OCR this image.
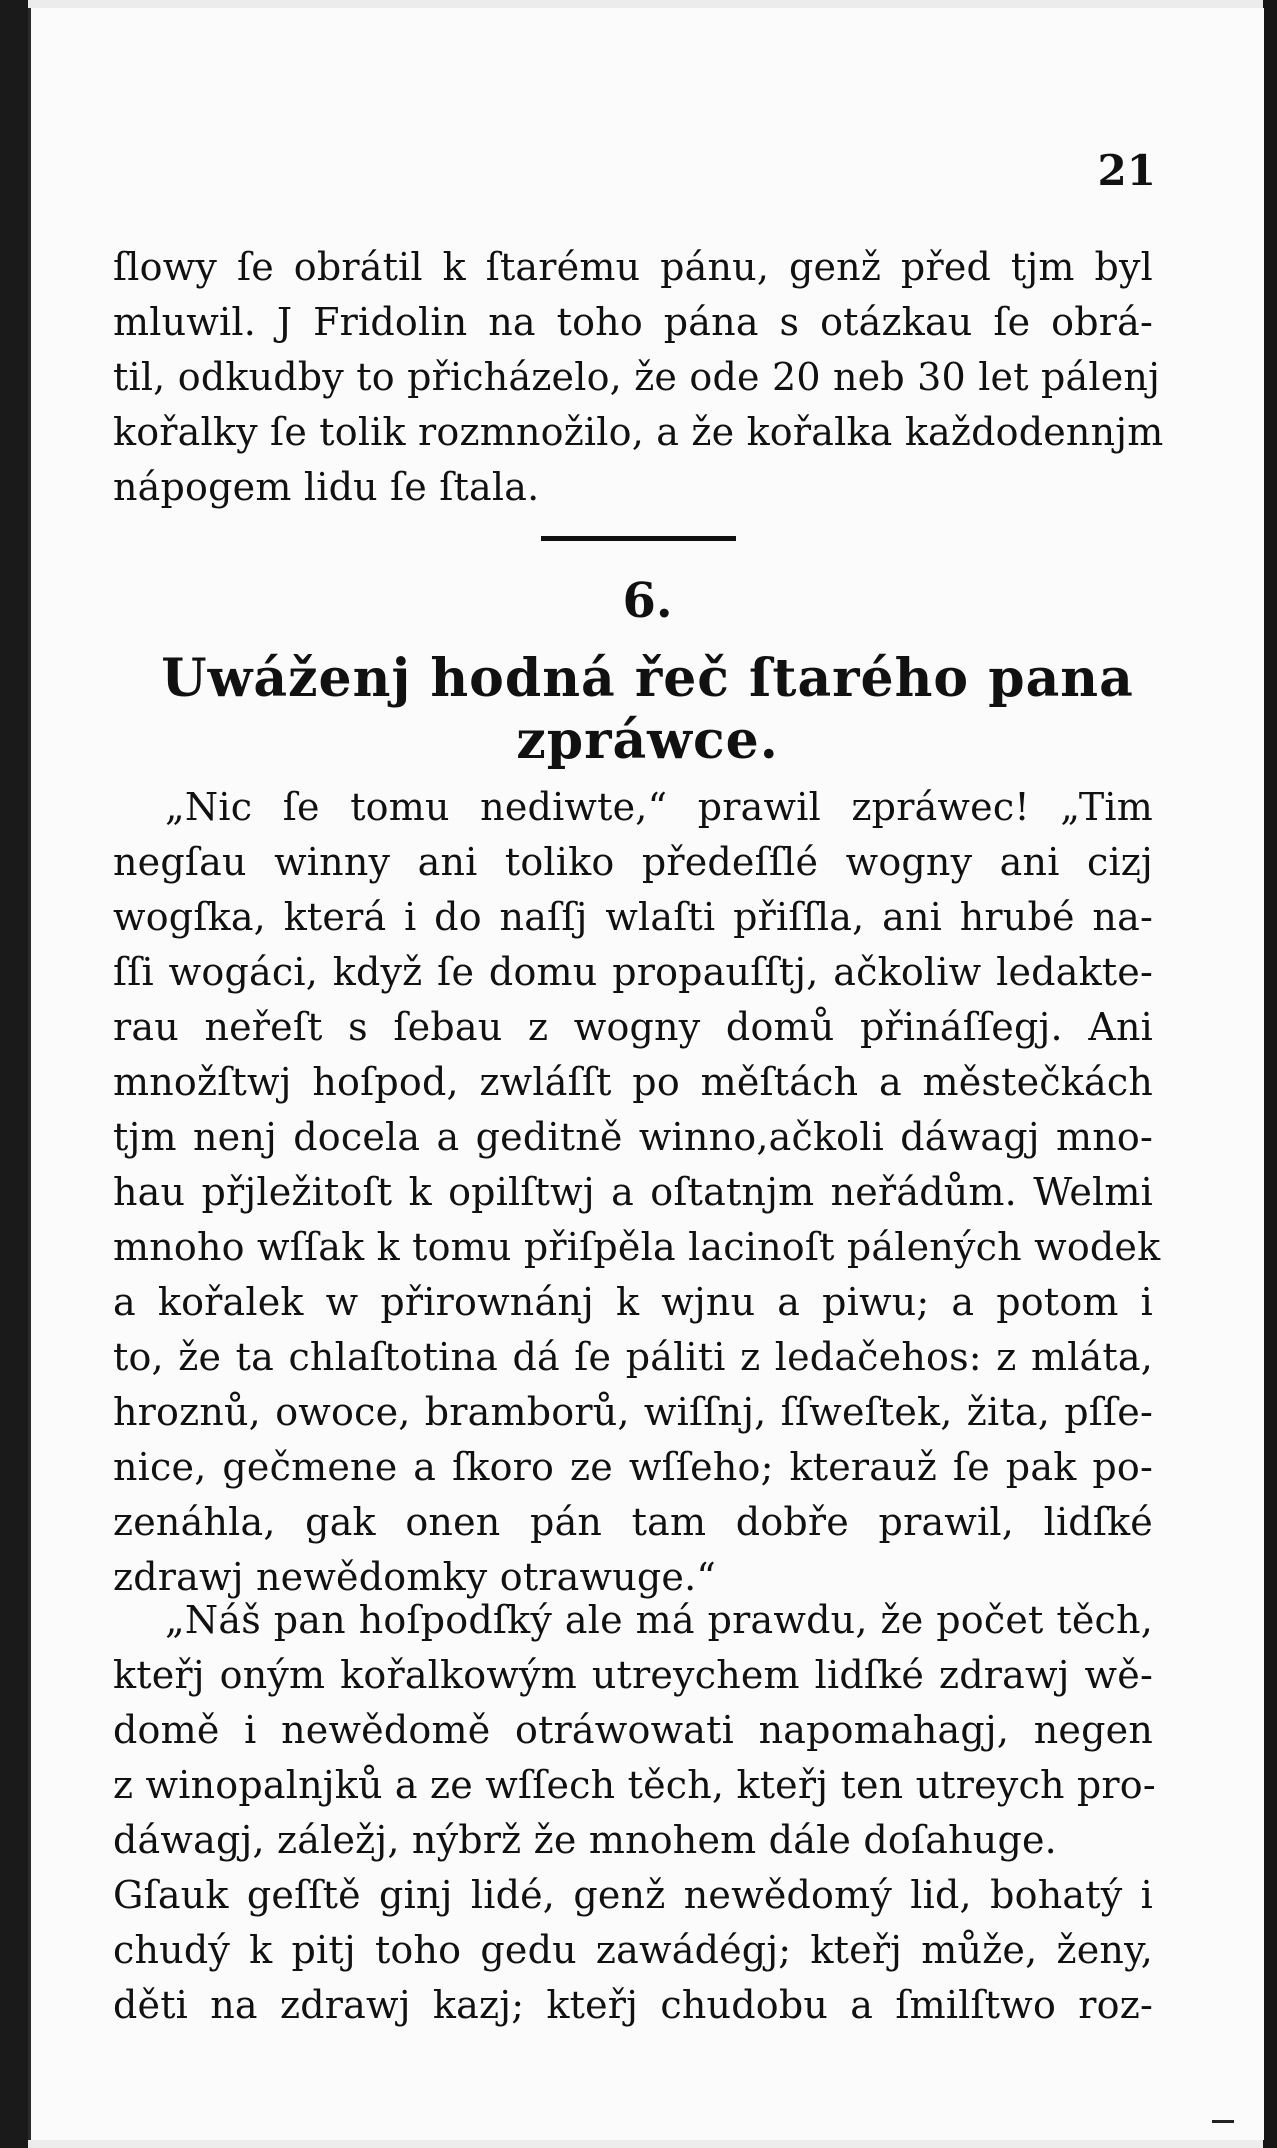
21
ſlowy ſe obrátil k ſtarému pánu, genž před tjm byl
mluwil. J Fridolin na toho pána s otázkau ſe obrá-
til, odkudby to přicházelo, že ode 20 neb 30 let pálenj
kořalky ſe tolik rozmnožilo, a že kořalka každodennjm
nápogem lidu ſe ſtala.
6.
Uwáženj hodná řeč ſtarého pana
zpráwce.
„Nic ſe tomu nediwte,“ prawil zpráwec! „Tim
negſau winny ani toliko předeſſlé wogny ani cizj
wogſka, která i do naſſj wlaſti přiſſla, ani hrubé na-
ſſi wogáci, když ſe domu propauſſtj, ačkoliw ledakte-
rau neřeſt s ſebau z wogny domů přináſſegj. Ani
množſtwj hoſpod, zwláſſt po měſtách a městečkách
tjm nenj docela a geditně winno,ačkoli dáwagj mno-
hau přjležitoſt k opilſtwj a oſtatnjm neřádům. Welmi
mnoho wſſak k tomu přiſpěla lacinoſt pálených wodek
a kořalek w přirownánj k wjnu a piwu; a potom i
to, že ta chlaſtotina dá ſe páliti z ledačehos: z mláta,
hroznů, owoce, bramborů, wiſſnj, ſſweſtek, žita, pſſe-
nice, gečmene a ſkoro ze wſſeho; kterauž ſe pak po-
zenáhla, gak onen pán tam dobře prawil, lidſké
zdrawj newědomky otrawuge.“
„Náš pan hoſpodſký ale má prawdu, že počet těch,
kteřj oným kořalkowým utreychem lidſké zdrawj wě-
domě i newědomě otráwowati napomahagj, negen
z winopalnjků a ze wſſech těch, kteřj ten utreych pro-
dáwagj, záležj, nýbrž že mnohem dále doſahuge.
Gſauk geſſtě ginj lidé, genž newědomý lid, bohatý i
chudý k pitj toho gedu zawádégj; kteřj může, ženy,
děti na zdrawj kazj; kteřj chudobu a ſmilſtwo roz-
